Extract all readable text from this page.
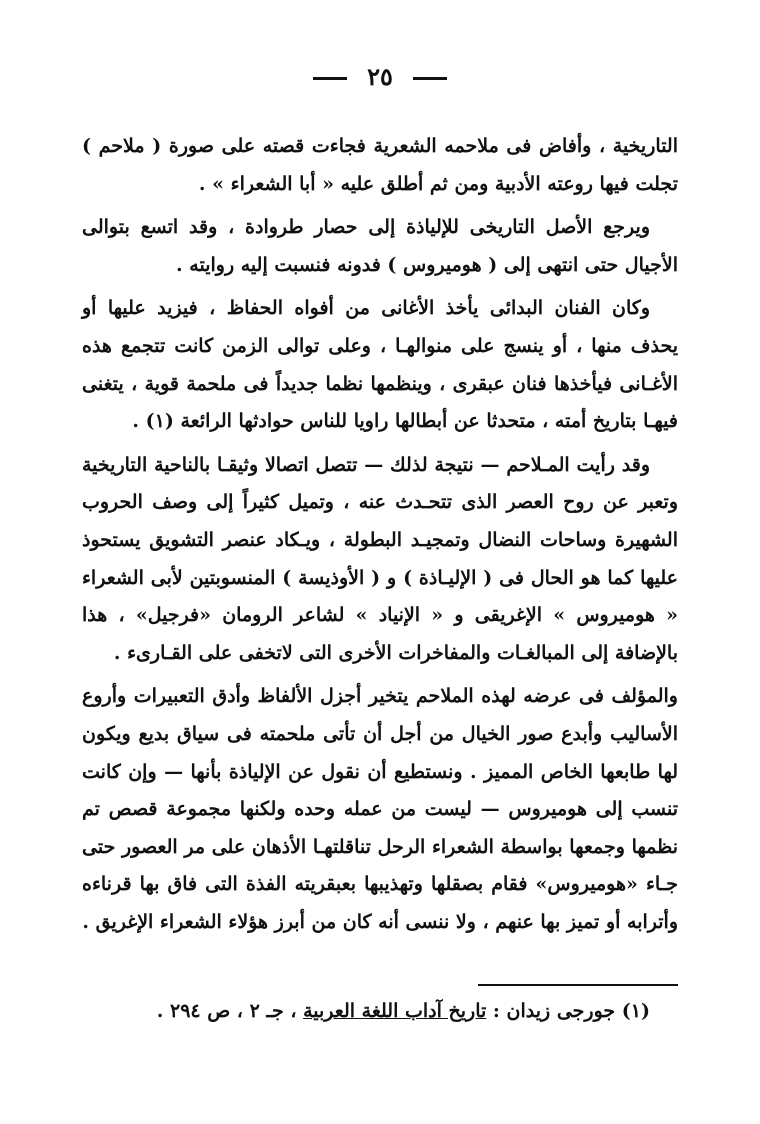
٢٥

التاريخية ، وأفاض فى ملاحمه الشعرية فجاءت قصته على صورة ( ملاحم ) تجلت فيها روعته الأدبية ومن ثم أطلق عليه « أبا الشعراء » .

ويرجع الأصل التاريخى للإلياذة إلى حصار طروادة ، وقد اتسع بتوالى الأجيال حتى انتهى إلى ( هوميروس ) فدونه فنسبت إليه روايته .

وكان الفنان البدائى يأخذ الأغانى من أفواه الحفاظ ، فيزيد عليها أو يحذف منها ، أو ينسج على منوالهـا ، وعلى توالى الزمن كانت تتجمع هذه الأغـانى فيأخذها فنان عبقرى ، وينظمها نظما جديداً فى ملحمة قوية ، يتغنى فيهـا بتاريخ أمته ، متحدثا عن أبطالها راويا للناس حوادثها الرائعة (١) .

وقد رأيت المـلاحم — نتيجة لذلك — تتصل اتصالا وثيقـا بالناحية التاريخية وتعبر عن روح العصر الذى تتحـدث عنه ، وتميل كثيراً إلى وصف الحروب الشهيرة وساحات النضال وتمجيـد البطولة ، ويـكاد عنصر التشويق يستحوذ عليها كما هو الحال فى ( الإليـاذة ) و ( الأوذيسة ) المنسوبتين لأبى الشعراء « هوميروس » الإغريقى و « الإنياد » لشاعر الرومان «فرجيل» ، هذا بالإضافة إلى المبالغـات والمفاخرات الأخرى التى لاتخفى على القـارىء .

والمؤلف فى عرضه لهذه الملاحم يتخير أجزل الألفاظ وأدق التعبيرات وأروع الأساليب وأبدع صور الخيال من أجل أن تأتى ملحمته فى سياق بديع ويكون لها طابعها الخاص المميز . ونستطيع أن نقول عن الإلياذة بأنها — وإن كانت تنسب إلى هوميروس — ليست من عمله وحده ولكنها مجموعة قصص تم نظمها وجمعها بواسطة الشعراء الرحل تناقلتهـا الأذهان على مر العصور حتى جـاء «هوميروس» فقام بصقلها وتهذيبها بعبقريته الفذة التى فاق بها قرناءه وأترابه أو تميز بها عنهم ، ولا ننسى أنه كان من أبرز هؤلاء الشعراء الإغريق .

(١) جورجى زيدان : تاريخ آداب اللغة العربية ، جـ ٢ ، ص ٢٩٤ .
